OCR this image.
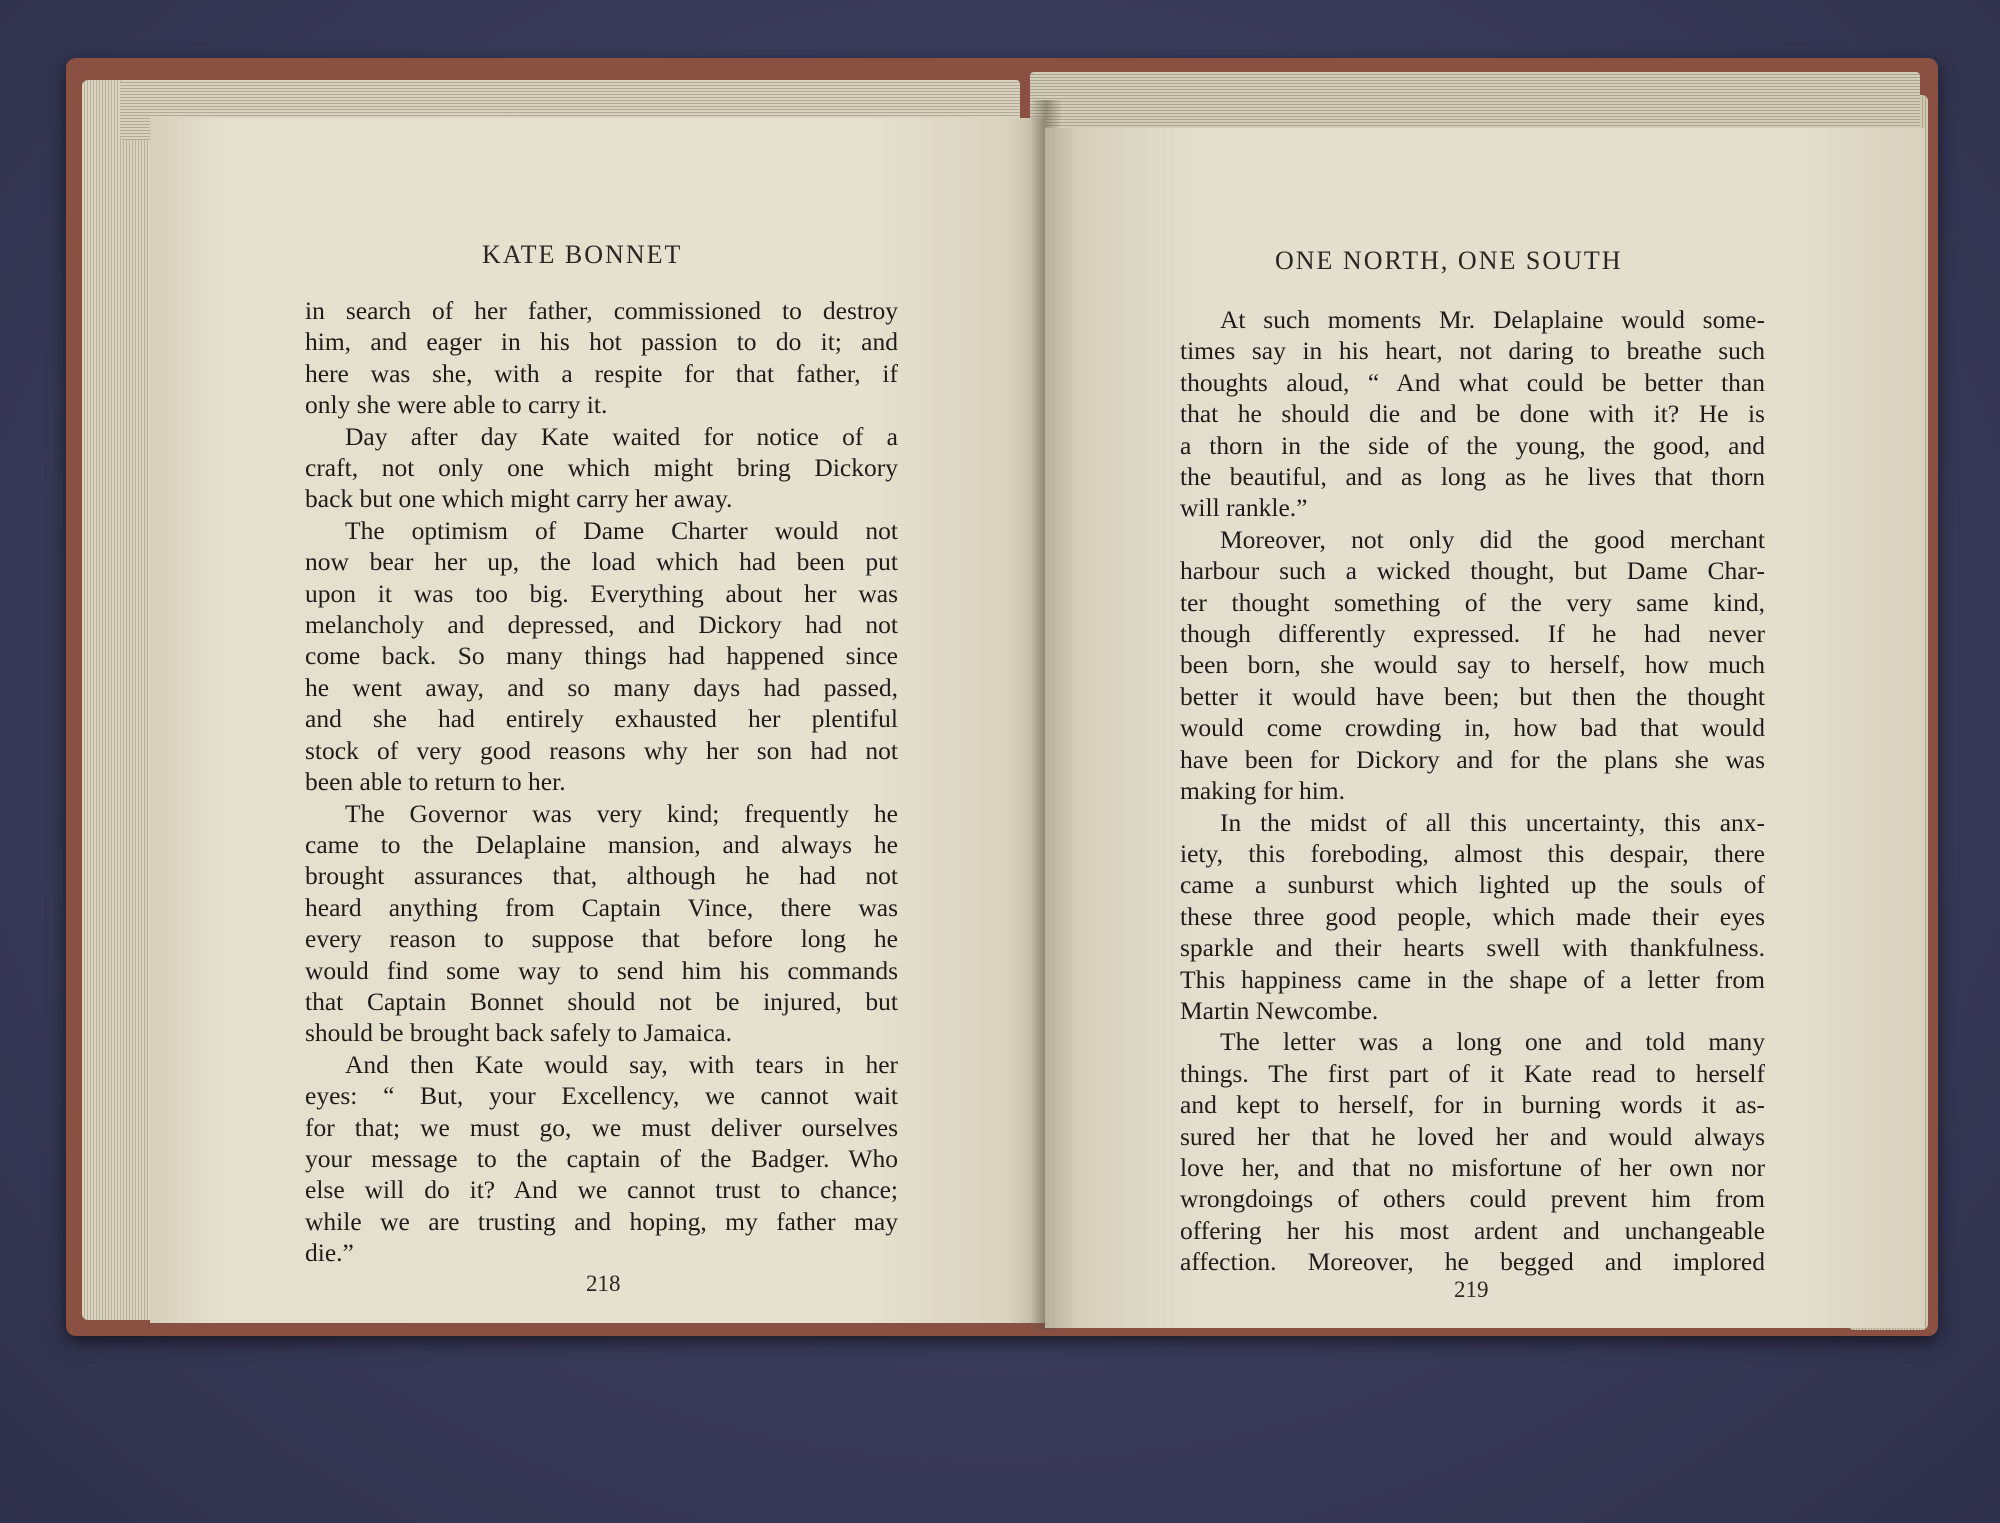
KATE BONNET
in search of her father, commissioned to destroy
him, and eager in his hot passion to do it; and
here was she, with a respite for that father, if
only she were able to carry it.
Day after day Kate waited for notice of a
craft, not only one which might bring Dickory
back but one which might carry her away.
The optimism of Dame Charter would not
now bear her up, the load which had been put
upon it was too big. Everything about her was
melancholy and depressed, and Dickory had not
come back. So many things had happened since
he went away, and so many days had passed,
and she had entirely exhausted her plentiful
stock of very good reasons why her son had not
been able to return to her.
The Governor was very kind; frequently he
came to the Delaplaine mansion, and always he
brought assurances that, although he had not
heard anything from Captain Vince, there was
every reason to suppose that before long he
would find some way to send him his commands
that Captain Bonnet should not be injured, but
should be brought back safely to Jamaica.
And then Kate would say, with tears in her
eyes: “ But, your Excellency, we cannot wait
for that; we must go, we must deliver ourselves
your message to the captain of the Badger. Who
else will do it? And we cannot trust to chance;
while we are trusting and hoping, my father may
die.”
218
ONE NORTH, ONE SOUTH
At such moments Mr. Delaplaine would some-
times say in his heart, not daring to breathe such
thoughts aloud, “ And what could be better than
that he should die and be done with it? He is
a thorn in the side of the young, the good, and
the beautiful, and as long as he lives that thorn
will rankle.”
Moreover, not only did the good merchant
harbour such a wicked thought, but Dame Char-
ter thought something of the very same kind,
though differently expressed. If he had never
been born, she would say to herself, how much
better it would have been; but then the thought
would come crowding in, how bad that would
have been for Dickory and for the plans she was
making for him.
In the midst of all this uncertainty, this anx-
iety, this foreboding, almost this despair, there
came a sunburst which lighted up the souls of
these three good people, which made their eyes
sparkle and their hearts swell with thankfulness.
This happiness came in the shape of a letter from
Martin Newcombe.
The letter was a long one and told many
things. The first part of it Kate read to herself
and kept to herself, for in burning words it as-
sured her that he loved her and would always
love her, and that no misfortune of her own nor
wrongdoings of others could prevent him from
offering her his most ardent and unchangeable
affection. Moreover, he begged and implored
219
